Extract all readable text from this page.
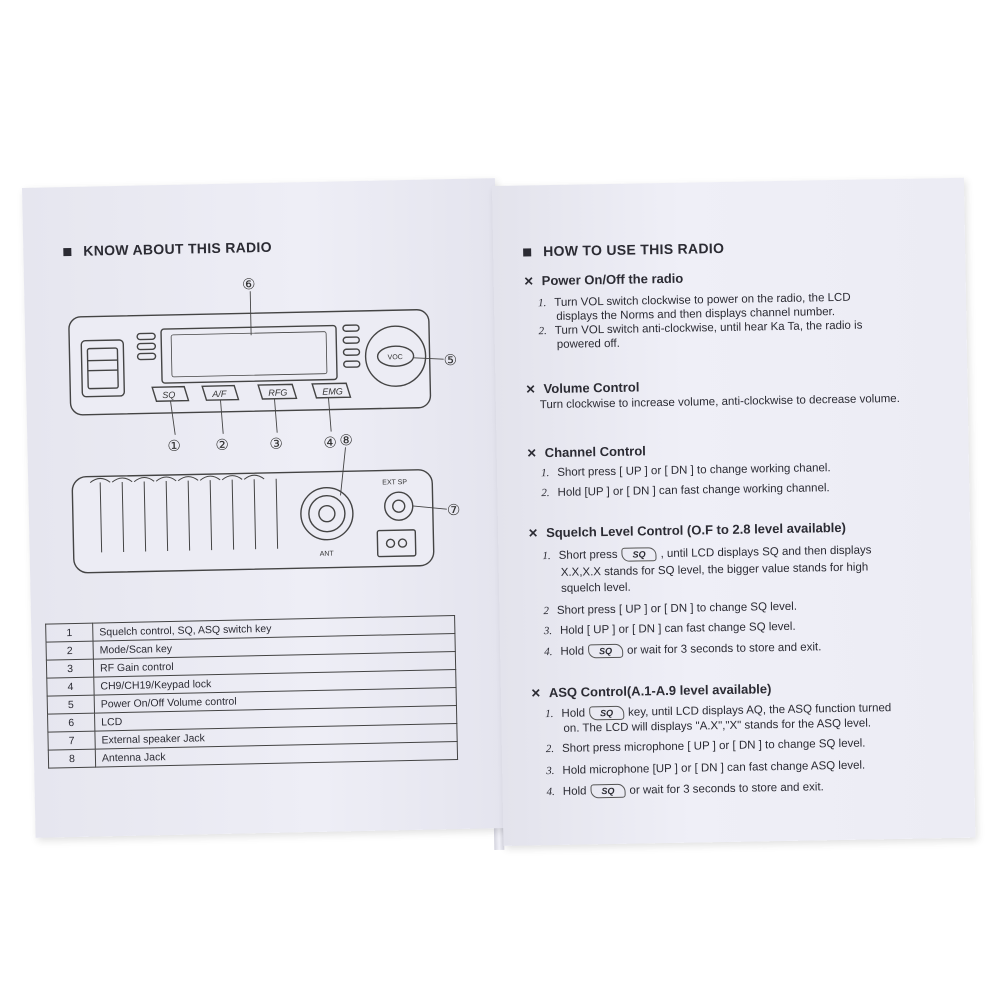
KNOW ABOUT THIS RADIO
SQ	A/F	RFG	EMG
VOC
EXT SP
ANT
⑥
① ②	③	④
⑤
⑧
⑦
1	Squelch control, SQ, ASQ switch key
2	Mode/Scan key
3	RF Gain control
4	CH9/CH19/Keypad lock
5	Power On/Off Volume control
6	LCD
7	External speaker Jack
8	Antenna Jack
HOW TO USE THIS RADIO
✕ Power On/Off the radio
1. Turn VOL switch clockwise to power on the radio, the LCD
displays the Norms and then displays channel number.
2. Turn VOL switch anti-clockwise, until hear Ka Ta, the radio is
powered off.
✕ Volume Control
Turn clockwise to increase volume, anti-clockwise to decrease volume.
✕ Channel Control
1. Short press [ UP ] or [ DN ] to change working chanel.
2. Hold [UP ] or [ DN ] can fast change working channel.
✕ Squelch Level Control (O.F to 2.8 level available)
1. Short press SQ , until LCD displays SQ and then displays
X.X,X.X stands for SQ level, the bigger value stands for high
squelch level.
2 Short press [ UP ] or [ DN ] to change SQ level.
3. Hold [ UP ] or [ DN ] can fast change SQ level.
4. Hold SQ or wait for 3 seconds to store and exit.
✕ ASQ Control(A.1-A.9 level available)
1. Hold SQ key, until LCD displays AQ, the ASQ function turned
on. The LCD will displays "A.X","X" stands for the ASQ level.
2. Short press microphone [ UP ] or [ DN ] to change SQ level.
3. Hold microphone [UP ] or [ DN ] can fast change ASQ level.
4. Hold SQ or wait for 3 seconds to store and exit.
